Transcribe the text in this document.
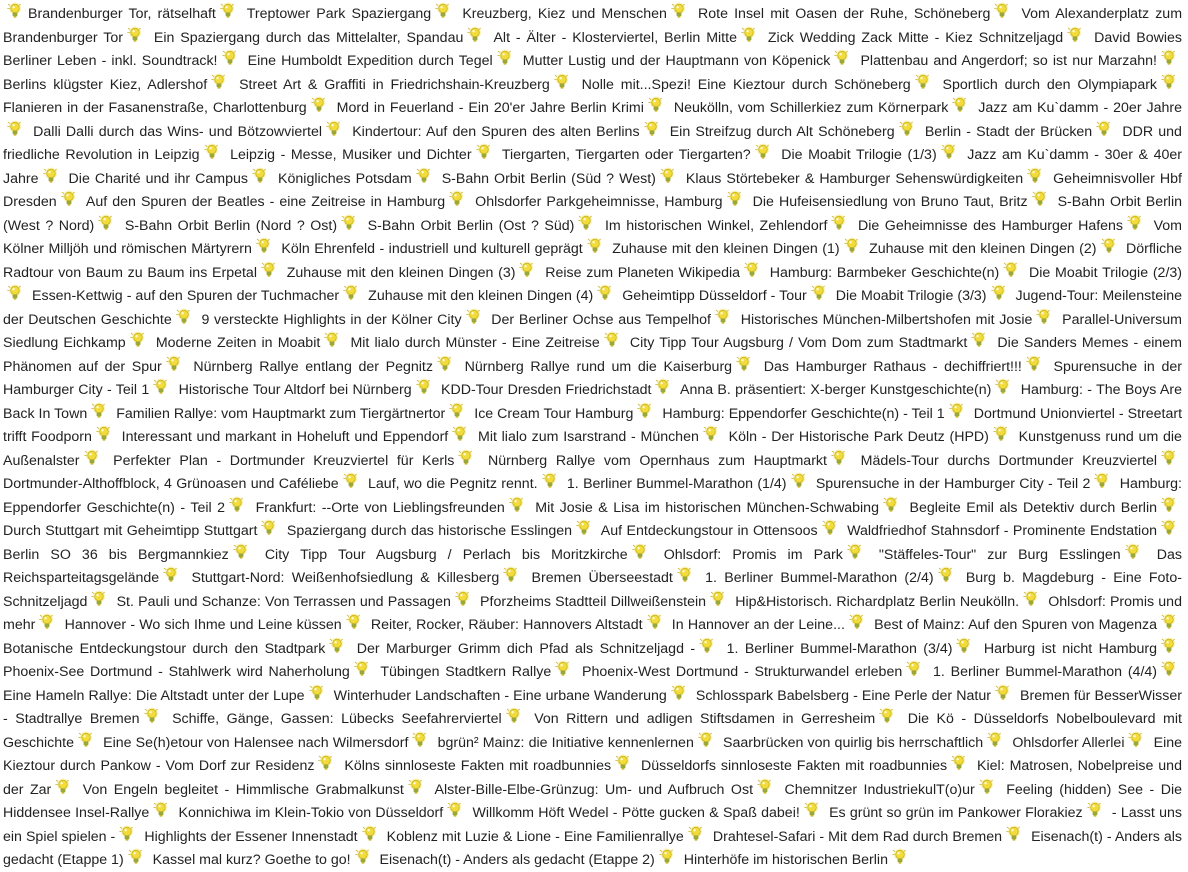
Brandenburger Tor, rätselhaft Treptower Park Spaziergang Kreuzberg, Kiez und Menschen Rote Insel mit Oasen der Ruhe, Schöneberg Vom Alexanderplatz zum Brandenburger Tor Ein Spaziergang durch das Mittelalter, Spandau Alt - Älter - Klosterviertel, Berlin Mitte Zick Wedding Zack Mitte - Kiez Schnitzeljagd David Bowies Berliner Leben - inkl. Soundtrack! Eine Humboldt Expedition durch Tegel Mutter Lustig und der Hauptmann von Köpenick Plattenbau and Angerdorf; so ist nur Marzahn! Berlins klügster Kiez, Adlershof Street Art & Graffiti in Friedrichshain-Kreuzberg Nolle mit...Spezi! Eine Kieztour durch Schöneberg Sportlich durch den Olympiapark Flanieren in der Fasanenstraße, Charlottenburg Mord in Feuerland - Ein 20'er Jahre Berlin Krimi Neukölln, vom Schillerkiez zum Körnerpark Jazz am Ku`damm - 20er Jahre Dalli Dalli durch das Wins- und Bötzowviertel Kindertour: Auf den Spuren des alten Berlins Ein Streifzug durch Alt Schöneberg Berlin - Stadt der Brücken DDR und friedliche Revolution in Leipzig Leipzig - Messe, Musiker und Dichter Tiergarten, Tiergarten oder Tiergarten? Die Moabit Trilogie (1/3) Jazz am Ku`damm - 30er & 40er Jahre Die Charité und ihr Campus Königliches Potsdam S-Bahn Orbit Berlin (Süd ? West) Klaus Störtebeker & Hamburger Sehenswürdigkeiten Geheimnisvoller Hbf Dresden Auf den Spuren der Beatles - eine Zeitreise in Hamburg Ohlsdorfer Parkgeheimnisse, Hamburg Die Hufeisensiedlung von Bruno Taut, Britz S-Bahn Orbit Berlin (West ? Nord) S-Bahn Orbit Berlin (Nord ? Ost) S-Bahn Orbit Berlin (Ost ? Süd) Im historischen Winkel, Zehlendorf Die Geheimnisse des Hamburger Hafens Vom Kölner Milljöh und römischen Märtyrern Köln Ehrenfeld - industriell und kulturell geprägt Zuhause mit den kleinen Dingen (1) Zuhause mit den kleinen Dingen (2) Dörfliche Radtour von Baum zu Baum ins Erpetal Zuhause mit den kleinen Dingen (3) Reise zum Planeten Wikipedia Hamburg: Barmbeker Geschichte(n) Die Moabit Trilogie (2/3) Essen-Kettwig - auf den Spuren der Tuchmacher Zuhause mit den kleinen Dingen (4) Geheimtipp Düsseldorf - Tour Die Moabit Trilogie (3/3) Jugend-Tour: Meilensteine der Deutschen Geschichte 9 versteckte Highlights in der Kölner City Der Berliner Ochse aus Tempelhof Historisches München-Milbertshofen mit Josie Parallel-Universum Siedlung Eichkamp Moderne Zeiten in Moabit Mit lialo durch Münster - Eine Zeitreise City Tipp Tour Augsburg / Vom Dom zum Stadtmarkt Die Sanders Memes - einem Phänomen auf der Spur Nürnberg Rallye entlang der Pegnitz Nürnberg Rallye rund um die Kaiserburg Das Hamburger Rathaus - dechiffriert!!! Spurensuche in der Hamburger City - Teil 1 Historische Tour Altdorf bei Nürnberg KDD-Tour Dresden Friedrichstadt Anna B. präsentiert: X-berger Kunstgeschichte(n) Hamburg: - The Boys Are Back In Town Familien Rallye: vom Hauptmarkt zum Tiergärtnertor Ice Cream Tour Hamburg Hamburg: Eppendorfer Geschichte(n) - Teil 1 Dortmund Unionviertel - Streetart trifft Foodporn Interessant und markant in Hoheluft und Eppendorf Mit lialo zum Isarstrand - München Köln - Der Historische Park Deutz (HPD) Kunstgenuss rund um die Außenalster Perfekter Plan - Dortmunder Kreuzviertel für Kerls Nürnberg Rallye vom Opernhaus zum Hauptmarkt Mädels-Tour durchs Dortmunder Kreuzviertel Dortmunder-Althoffblock, 4 Grünoasen und Caféliebe Lauf, wo die Pegnitz rennt. 1. Berliner Bummel-Marathon (1/4) Spurensuche in der Hamburger City - Teil 2 Hamburg: Eppendorfer Geschichte(n) - Teil 2 Frankfurt: --Orte von Lieblingsfreunden Mit Josie & Lisa im historischen München-Schwabing Begleite Emil als Detektiv durch Berlin Durch Stuttgart mit Geheimtipp Stuttgart Spaziergang durch das historische Esslingen Auf Entdeckungstour in Ottensoos Waldfriedhof Stahnsdorf - Prominente Endstation Berlin SO 36 bis Bergmannkiez	City Tipp Tour Augsburg / Perlach bis Moritzkirche	Ohlsdorf: Promis im Park	"Stäffeles-Tour" zur Burg Esslingen	Das Reichsparteitagsgelände Stuttgart-Nord: Weißenhofsiedlung & Killesberg Bremen Überseestadt 1. Berliner Bummel-Marathon (2/4) Burg b. Magdeburg - Eine Foto-Schnitzeljagd St. Pauli und Schanze: Von Terrassen und Passagen Pforzheims Stadtteil Dillweißenstein Hip&Historisch. Richardplatz Berlin Neukölln. Ohlsdorf: Promis und mehr Hannover - Wo sich Ihme und Leine küssen Reiter, Rocker, Räuber: Hannovers Altstadt In Hannover an der Leine... Best of Mainz: Auf den Spuren von Magenza Botanische Entdeckungstour durch den Stadtpark Der Marburger Grimm dich Pfad als Schnitzeljagd - 1. Berliner Bummel-Marathon (3/4) Harburg ist nicht Hamburg Phoenix-See Dortmund - Stahlwerk wird Naherholung Tübingen Stadtkern Rallye Phoenix-West Dortmund - Strukturwandel erleben 1. Berliner Bummel-Marathon (4/4) Eine Hameln Rallye: Die Altstadt unter der Lupe Winterhuder Landschaften - Eine urbane Wanderung Schlosspark Babelsberg - Eine Perle der Natur Bremen für BesserWisser - Stadtrallye Bremen Schiffe, Gänge, Gassen: Lübecks Seefahrerviertel Von Rittern und adligen Stiftsdamen in Gerresheim Die Kö - Düsseldorfs Nobelboulevard mit Geschichte Eine Se(h)etour von Halensee nach Wilmersdorf bgrün² Mainz: die Initiative kennenlernen Saarbrücken von quirlig bis herrschaftlich Ohlsdorfer Allerlei Eine Kieztour durch Pankow - Vom Dorf zur Residenz Kölns sinnloseste Fakten mit roadbunnies Düsseldorfs sinnloseste Fakten mit roadbunnies Kiel: Matrosen, Nobelpreise und der Zar Von Engeln begleitet - Himmlische Grabmalkunst Alster-Bille-Elbe-Grünzug: Um- und Aufbruch Ost Chemnitzer IndustriekulT(o)ur Feeling (hidden) See - Die Hiddensee Insel-Rallye Konnichiwa im Klein-Tokio von Düsseldorf Willkomm Höft Wedel - Pötte gucken & Spaß dabei! Es grünt so grün im Pankower Florakiez - Lasst uns ein Spiel spielen - Highlights der Essener Innenstadt Koblenz mit Luzie & Lione - Eine Familienrallye Drahtesel-Safari - Mit dem Rad durch Bremen Eisenach(t) - Anders als gedacht (Etappe 1) Kassel mal kurz? Goethe to go! Eisenach(t) - Anders als gedacht (Etappe 2) Hinterhöfe im historischen Berlin
